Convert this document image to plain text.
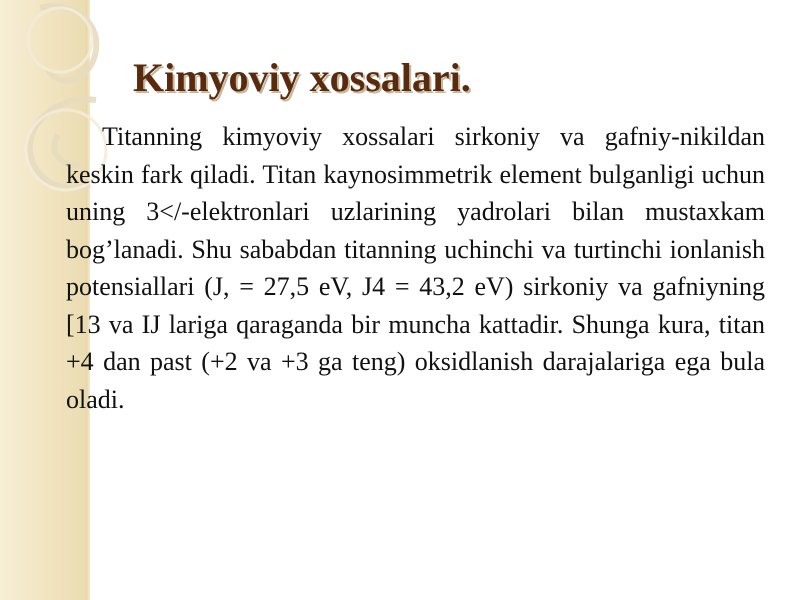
Kimyoviy xossalari.

Titanning kimyoviy xossalari sirkoniy va gafniy-nikildan keskin fark qiladi. Titan kaynosimmetrik element bulganligi uchun uning 3</-elektronlari uzlarining yadrolari bilan mustaxkam bog’lanadi. Shu sababdan titanning uchinchi va turtinchi ionlanish potensiallari (J, = 27,5 eV, J4 = 43,2 eV) sirkoniy va gafniyning [13 va IJ lariga qaraganda bir muncha kattadir. Shunga kura, titan +4 dan past (+2 va +3 ga teng) oksidlanish darajalariga ega bula oladi.
